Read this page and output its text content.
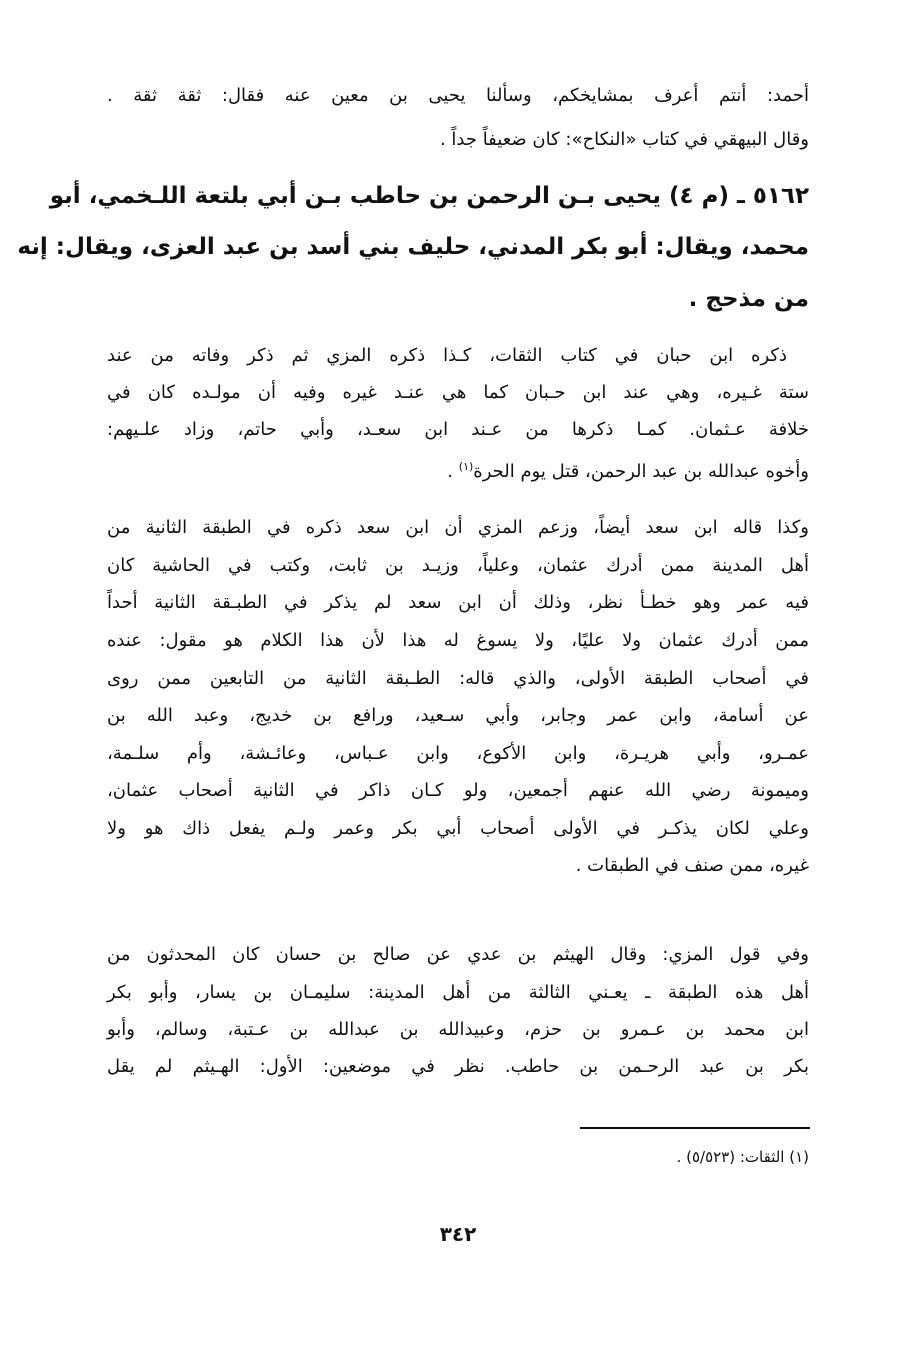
أحمد: أنتم أعرف بمشايخكم، وسألنا يحيى بن معين عنه فقال: ثقة ثقة .
وقال البيهقي في كتاب «النكاح»: كان ضعيفاً جداً .
٥١٦٢ ـ (م ٤) يحيى بـن الرحمن بن حاطب بـن أبي بلتعة اللـخمي، أبو
محمد، ويقال: أبو بكر المدني، حليف بني أسد بن عبد العزى، ويقال: إنه
من مذحج .
ذكره ابن حبان في كتاب الثقات، كـذا ذكره المزي ثم ذكر وفاته من عند
ستة غـيره، وهي عند ابن حـبان كما هي عنـد غيره وفيه أن مولـده كان في
خلافة عـثمان. كمـا ذكرها من عـند ابن سعـد، وأبي حاتم، وزاد علـيهم:
وأخوه عبدالله بن عبد الرحمن، قتل يوم الحرة$^{(١)}$ .
وكذا قاله ابن سعد أيضاً، وزعم المزي أن ابن سعد ذكره في الطبقة الثانية من
أهل المدينة ممن أدرك عثمان، وعلياً، وزيـد بن ثابت، وكتب في الحاشية كان
فيه عمر وهو خطـأ نظر، وذلك أن ابن سعد لم يذكر في الطبـقة الثانية أحداً
ممن أدرك عثمان ولا عليًا، ولا يسوغ له هذا لأن هذا الكلام هو مقول: عنده
في أصحاب الطبقة الأولى، والذي قاله: الطـبقة الثانية من التابعين ممن روى
عن أسامة، وابن عمر وجابر، وأبي سـعيد، ورافع بن خديج، وعبد الله بن
عمـرو، وأبي هريـرة، وابن الأكوع، وابن عـباس، وعائـشة، وأم سلـمة،
وميمونة رضي الله عنهم أجمعين، ولو كـان ذاكر في الثانية أصحاب عثمان،
وعلي لكان يذكـر في الأولى أصحاب أبي بكر وعمر ولـم يفعل ذاك هو ولا
غيره، ممن صنف في الطبقات .
وفي قول المزي: وقال الهيثم بن عدي عن صالح بن حسان كان المحدثون من
أهل هذه الطبقة ـ يعـني الثالثة من أهل المدينة: سليمـان بن يسار، وأبو بكر
ابن محمد بن عـمرو بن حزم، وعبيدالله بن عبدالله بن عـتبة، وسالم، وأبو
بكر بن عبد الرحـمن بن حاطب. نظر في موضعين: الأول: الهـيثم لم يقل
(١) الثقات: (٥/٥٢٣) .
٣٤٢
